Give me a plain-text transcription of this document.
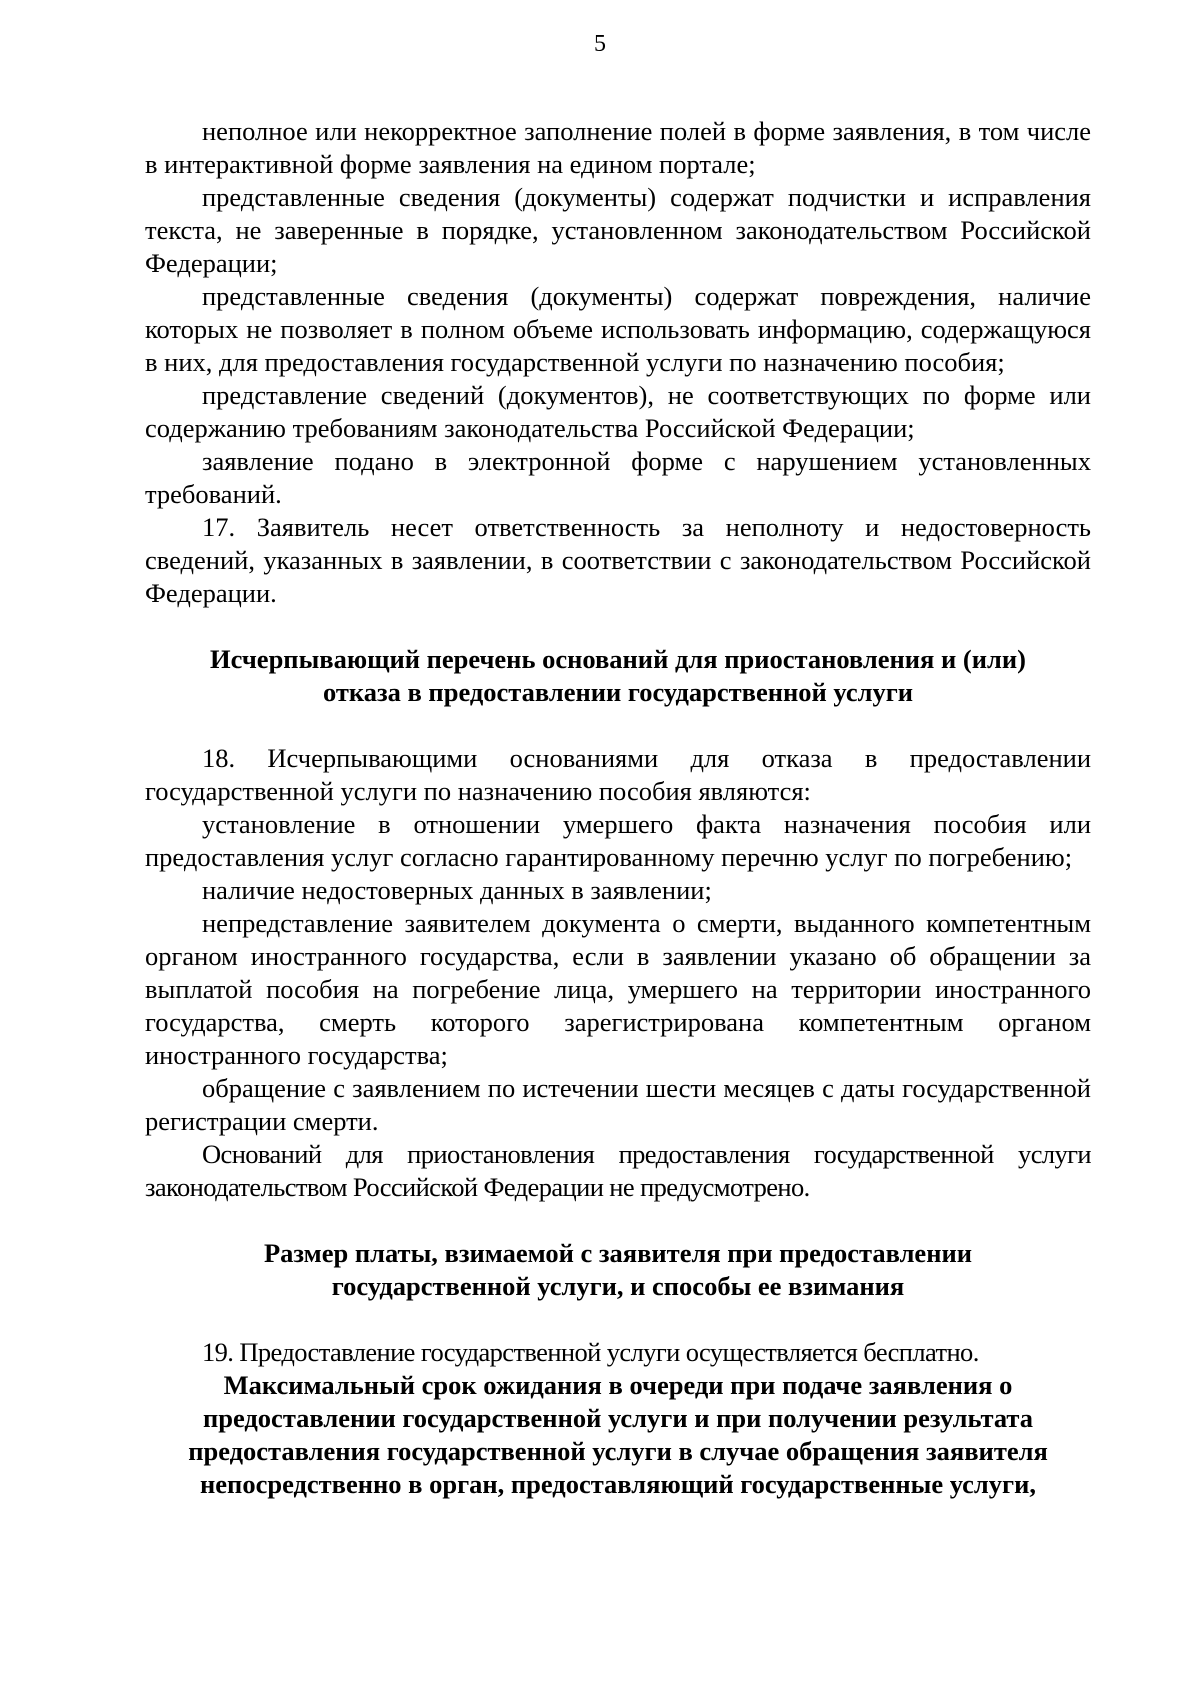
5

неполное или некорректное заполнение полей в форме заявления, в том числе в интерактивной форме заявления на едином портале;

представленные сведения (документы) содержат подчистки и исправления текста, не заверенные в порядке, установленном законодательством Российской Федерации;

представленные сведения (документы) содержат повреждения, наличие которых не позволяет в полном объеме использовать информацию, содержащуюся в них, для предоставления государственной услуги по назначению пособия;

представление сведений (документов), не соответствующих по форме или содержанию требованиям законодательства Российской Федерации;

заявление подано в электронной форме с нарушением установленных требований.

17. Заявитель несет ответственность за неполноту и недостоверность сведений, указанных в заявлении, в соответствии с законодательством Российской Федерации.

Исчерпывающий перечень оснований для приостановления и (или)
отказа в предоставлении государственной услуги

18. Исчерпывающими основаниями для отказа в предоставлении государственной услуги по назначению пособия являются:

установление в отношении умершего факта назначения пособия или предоставления услуг согласно гарантированному перечню услуг по погребению;

наличие недостоверных данных в заявлении;

непредставление заявителем документа о смерти, выданного компетентным органом иностранного государства, если в заявлении указано об обращении за выплатой пособия на погребение лица, умершего на территории иностранного государства, смерть которого зарегистрирована компетентным органом иностранного государства;

обращение с заявлением по истечении шести месяцев с даты государственной регистрации смерти.

Оснований для приостановления предоставления государственной услуги законодательством Российской Федерации не предусмотрено.

Размер платы, взимаемой с заявителя при предоставлении
государственной услуги, и способы ее взимания

19. Предоставление государственной услуги осуществляется бесплатно.

Максимальный срок ожидания в очереди при подаче заявления о
предоставлении государственной услуги и при получении результата
предоставления государственной услуги в случае обращения заявителя
непосредственно в орган, предоставляющий государственные услуги,
